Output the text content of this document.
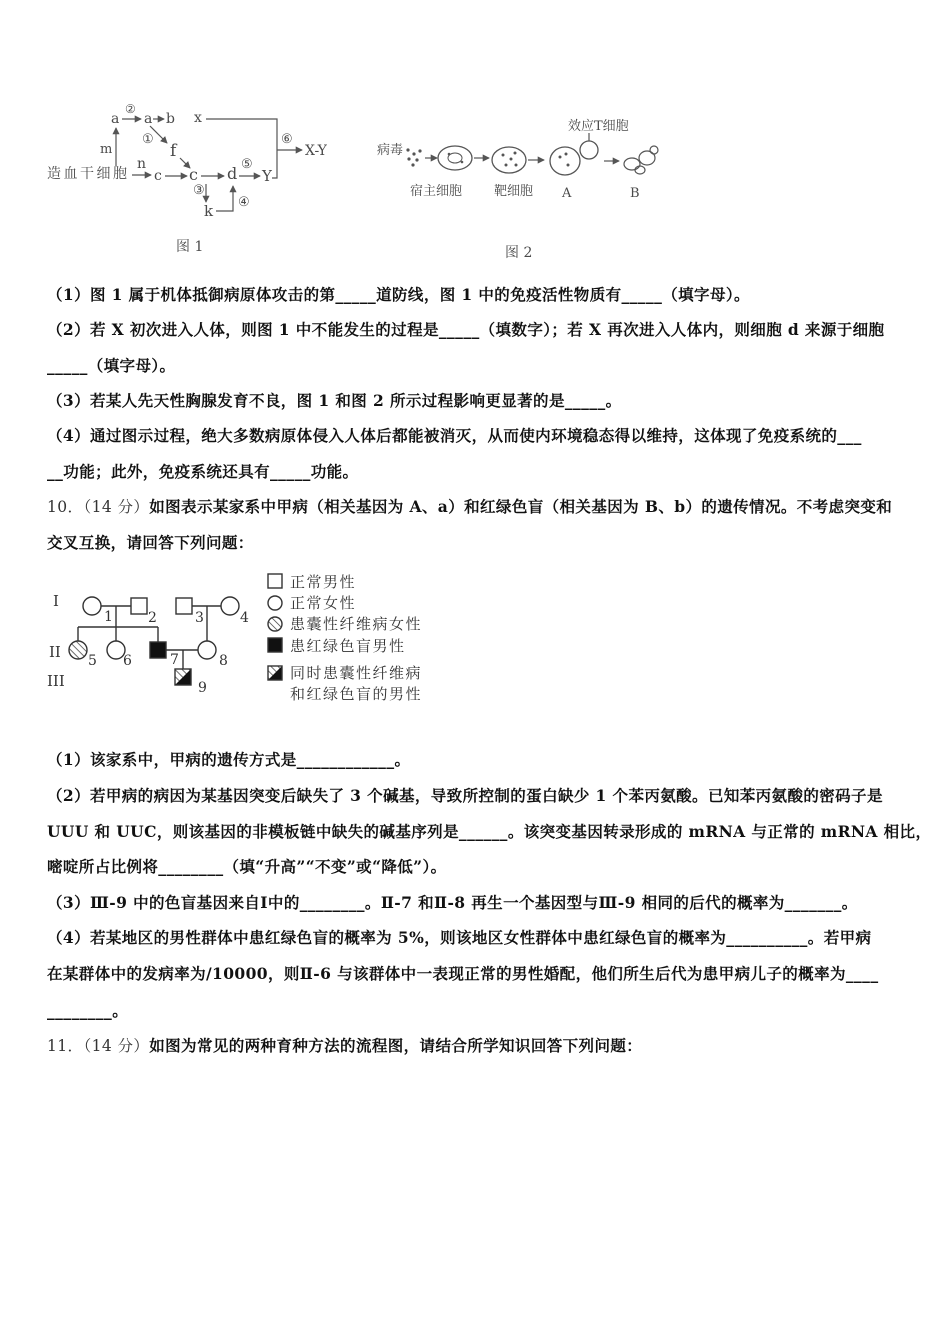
造血干细胞
m
a
②
a b x
⑥
X-Y
①
f
n
c c d ⑤
Y
③
k ④
图 1
病毒
效应T细胞
宿主细胞 靶细胞 A	B
图 2
（1）图 1 属于机体抵御病原体攻击的第_____道防线，图 1 中的免疫活性物质有_____（填字母）。
（2）若 X 初次进入人体，则图 1 中不能发生的过程是_____（填数字）；若 X 再次进入人体内，则细胞 d 来源于细胞
_____（填字母）。
（3）若某人先天性胸腺发育不良，图 1 和图 2 所示过程影响更显著的是_____。
（4）通过图示过程，绝大多数病原体侵入人体后都能被消灭，从而使内环境稳态得以维持，这体现了免疫系统的___
__功能；此外，免疫系统还具有_____功能。
10．（14 分）如图表示某家系中甲病（相关基因为 A、a）和红绿色盲（相关基因为 B、b）的遗传情况。不考虑突变和
交叉互换，请回答下列问题：
I
II
III
1	2	3	4
5 6	7	8
9
正常男性
正常女性
患囊性纤维病女性
患红绿色盲男性
同时患囊性纤维病
和红绿色盲的男性
（1）该家系中，甲病的遗传方式是____________。
（2）若甲病的病因为某基因突变后缺失了 3 个碱基，导致所控制的蛋白缺少 1 个苯丙氨酸。已知苯丙氨酸的密码子是
UUU 和 UUC，则该基因的非模板链中缺失的碱基序列是______。该突变基因转录形成的 mRNA 与正常的 mRNA 相比，
嘧啶所占比例将________（填“升高”“不变”或“降低”）。
（3）Ⅲ-9 中的色盲基因来自Ⅰ中的________。Ⅱ-7 和Ⅱ-8 再生一个基因型与Ⅲ-9 相同的后代的概率为_______。
（4）若某地区的男性群体中患红绿色盲的概率为 5%，则该地区女性群体中患红绿色盲的概率为__________。若甲病
在某群体中的发病率为/10000，则Ⅱ-6 与该群体中一表现正常的男性婚配，他们所生后代为患甲病儿子的概率为____
________。
11．（14 分）如图为常见的两种育种方法的流程图，请结合所学知识回答下列问题：
